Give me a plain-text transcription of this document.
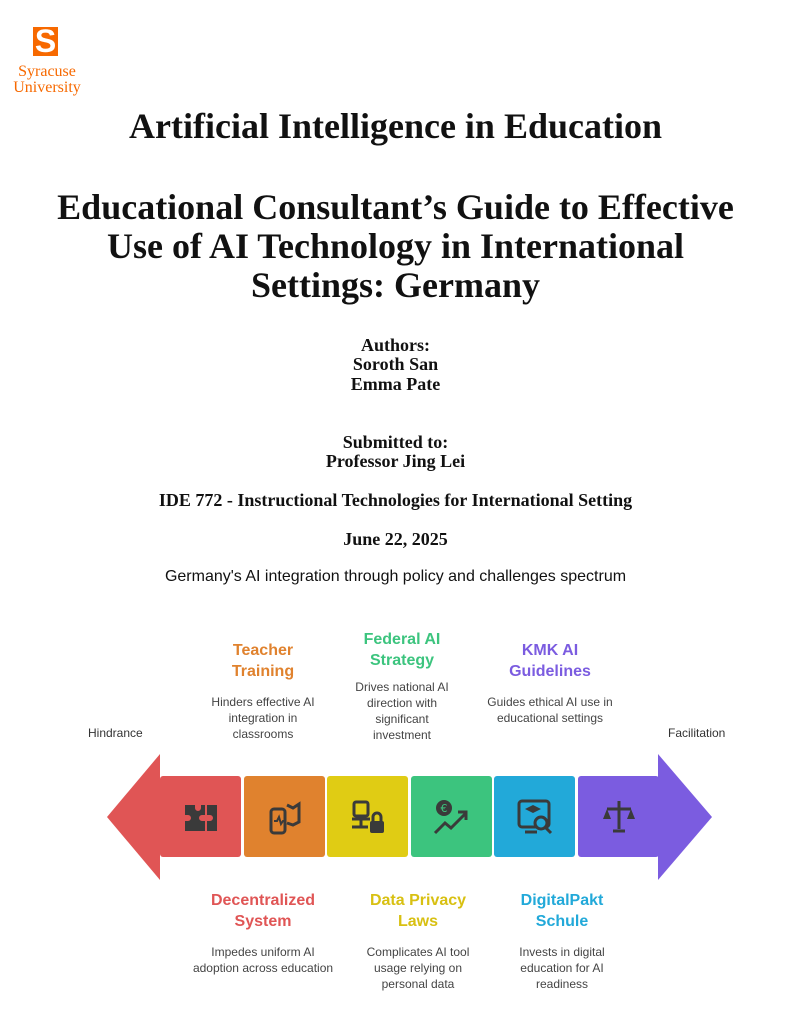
S
Syracuse
University
Artificial Intelligence in Education
Educational Consultant’s Guide to Effective
Use of AI Technology in International
Settings: Germany
Authors:
Soroth San
Emma Pate
Submitted to:
Professor Jing Lei
IDE 772 - Instructional Technologies for International Setting
June 22, 2025
Germany's AI integration through policy and challenges spectrum
Hindrance	Facilitation
€
Decentralized System
Impedes uniform AI adoption across education
Teacher Training
Hinders effective AI integration in classrooms
Data Privacy Laws
Complicates AI tool usage relying on personal data
Federal AI Strategy
Drives national AI direction with significant investment
DigitalPakt Schule
Invests in digital education for AI readiness
KMK AI Guidelines
Guides ethical AI use in educational settings
